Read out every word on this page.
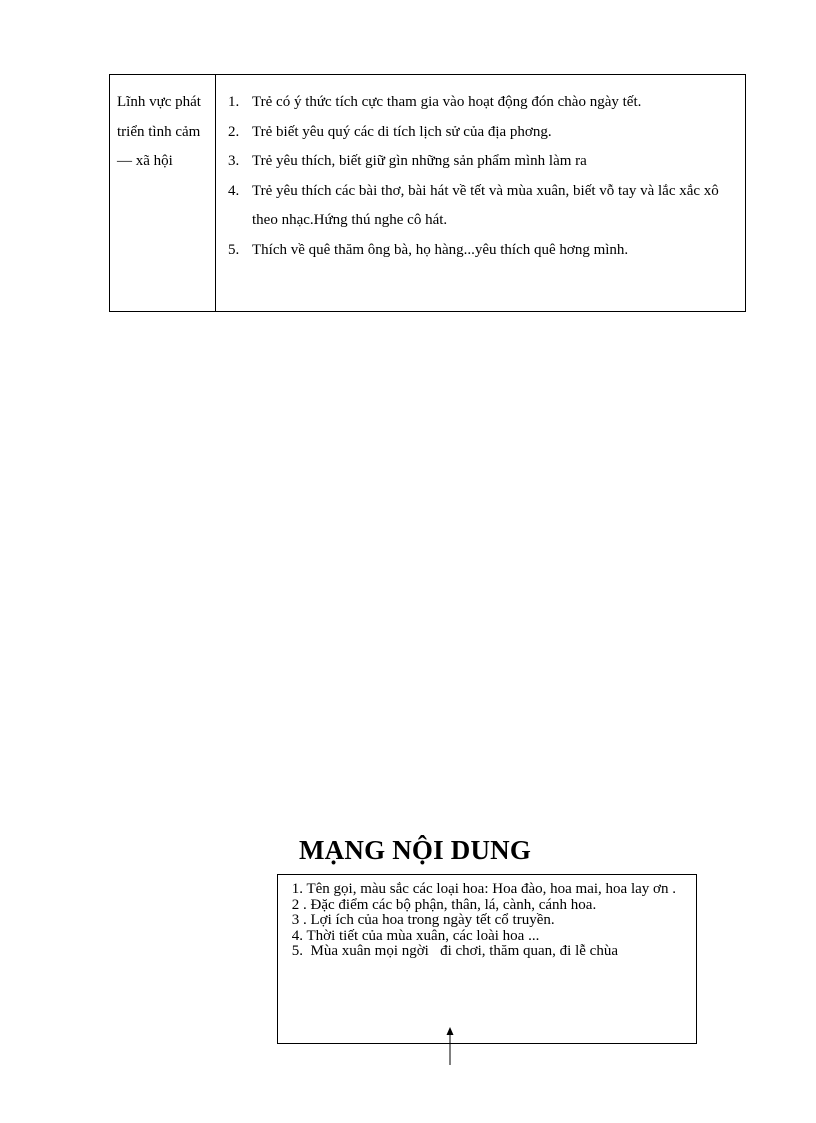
Lĩnh vực phát triển tình cảm — xã hội
1. Trẻ có ý thức tích cực tham gia vào hoạt động đón chào ngày tết.
2. Trẻ biết yêu quý các di tích lịch sử của địa phơng.
3. Trẻ yêu thích, biết giữ gìn những sản phẩm mình làm ra
4. Trẻ yêu thích các bài thơ, bài hát về tết và mùa xuân, biết vỗ tay và lắc xắc xô theo nhạc.Hứng thú nghe cô hát.
5. Thích về quê thăm ông bà, họ hàng...yêu thích quê hơng mình.
MẠNG NỘI DUNG
1. Tên gọi, màu sắc các loại hoa: Hoa đào, hoa mai, hoa lay ơn .
2 . Đặc điểm các bộ phận, thân, lá, cành, cánh hoa.
3 . Lợi ích của hoa trong ngày tết cổ truyền.
4. Thời tiết của mùa xuân, các loài hoa ...
5.  Mùa xuân mọi ngời   đi chơi, thăm quan, đi lễ chùa
